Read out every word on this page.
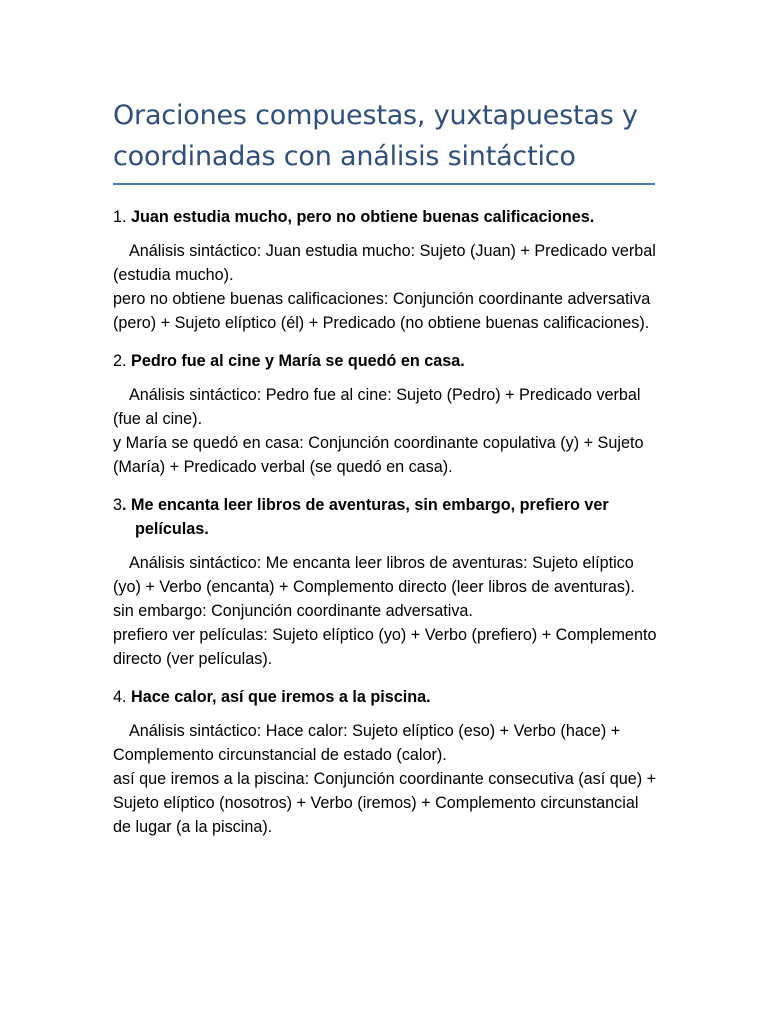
Oraciones compuestas, yuxtapuestas y coordinadas con análisis sintáctico

1. Juan estudia mucho, pero no obtiene buenas calificaciones.

Análisis sintáctico: Juan estudia mucho: Sujeto (Juan) + Predicado verbal (estudia mucho).
pero no obtiene buenas calificaciones: Conjunción coordinante adversativa (pero) + Sujeto elíptico (él) + Predicado (no obtiene buenas calificaciones).

2. Pedro fue al cine y María se quedó en casa.

Análisis sintáctico: Pedro fue al cine: Sujeto (Pedro) + Predicado verbal (fue al cine).
y María se quedó en casa: Conjunción coordinante copulativa (y) + Sujeto (María) + Predicado verbal (se quedó en casa).

3. Me encanta leer libros de aventuras, sin embargo, prefiero ver películas.

Análisis sintáctico: Me encanta leer libros de aventuras: Sujeto elíptico (yo) + Verbo (encanta) + Complemento directo (leer libros de aventuras).
sin embargo: Conjunción coordinante adversativa.
prefiero ver películas: Sujeto elíptico (yo) + Verbo (prefiero) + Complemento directo (ver películas).

4. Hace calor, así que iremos a la piscina.

Análisis sintáctico: Hace calor: Sujeto elíptico (eso) + Verbo (hace) + Complemento circunstancial de estado (calor).
así que iremos a la piscina: Conjunción coordinante consecutiva (así que) + Sujeto elíptico (nosotros) + Verbo (iremos) + Complemento circunstancial de lugar (a la piscina).
